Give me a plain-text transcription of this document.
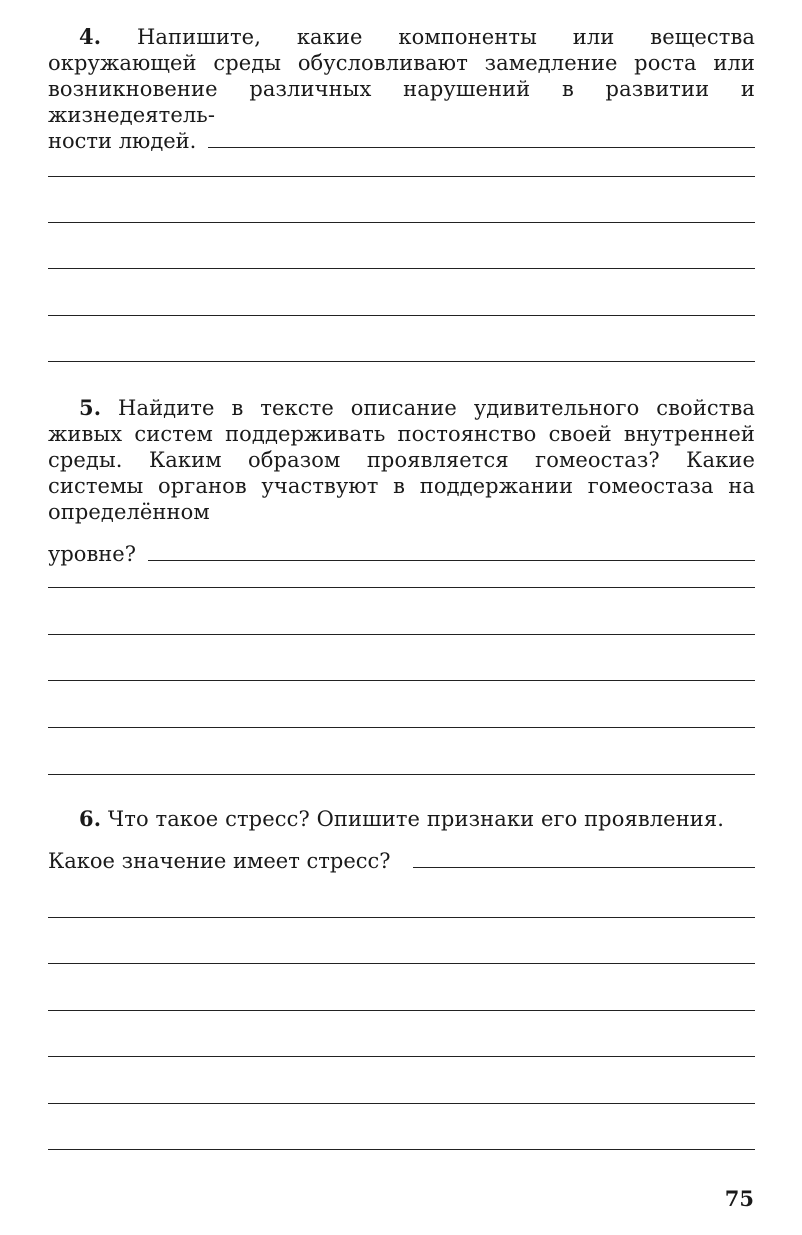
4. Напишите, какие компоненты или вещества окружающей среды обусловливают замедление роста или возникновение различных нарушений в развитии и жизнедеятель-

ности людей.

5. Найдите в тексте описание удивительного свойства живых систем поддерживать постоянство своей внутренней среды. Каким образом проявляется гомеостаз? Какие системы органов участвуют в поддержании гомеостаза на определённом

уровне?

6. Что такое стресс? Опишите признаки его проявления.

Какое значение имеет стресс?
75
